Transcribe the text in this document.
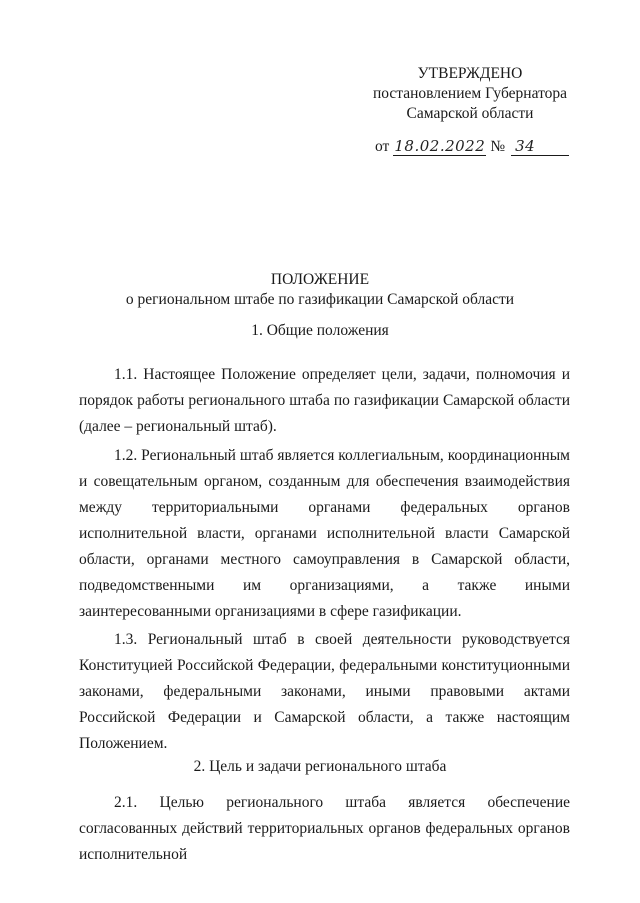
УТВЕРЖДЕНО
постановлением Губернатора
Самарской области
от 18.02.2022 № 34
ПОЛОЖЕНИЕ
о региональном штабе по газификации Самарской области
1. Общие положения

1.1. Настоящее Положение определяет цели, задачи, полномочия и порядок работы регионального штаба по газификации Самарской области (далее – региональный штаб).

1.2. Региональный штаб является коллегиальным, координационным и совещательным органом, созданным для обеспечения взаимодействия между территориальными органами федеральных органов исполнительной власти, органами исполнительной власти Самарской области, органами местного самоуправления в Самарской области, подведомственными им организациями, а также иными заинтересованными организациями в сфере газификации.

1.3. Региональный штаб в своей деятельности руководствуется Конституцией Российской Федерации, федеральными конституционными законами, федеральными законами, иными правовыми актами Российской Федерации и Самарской области, а также настоящим Положением.

2. Цель и задачи регионального штаба

2.1. Целью регионального штаба является обеспечение согласованных действий территориальных органов федеральных органов исполнительной
